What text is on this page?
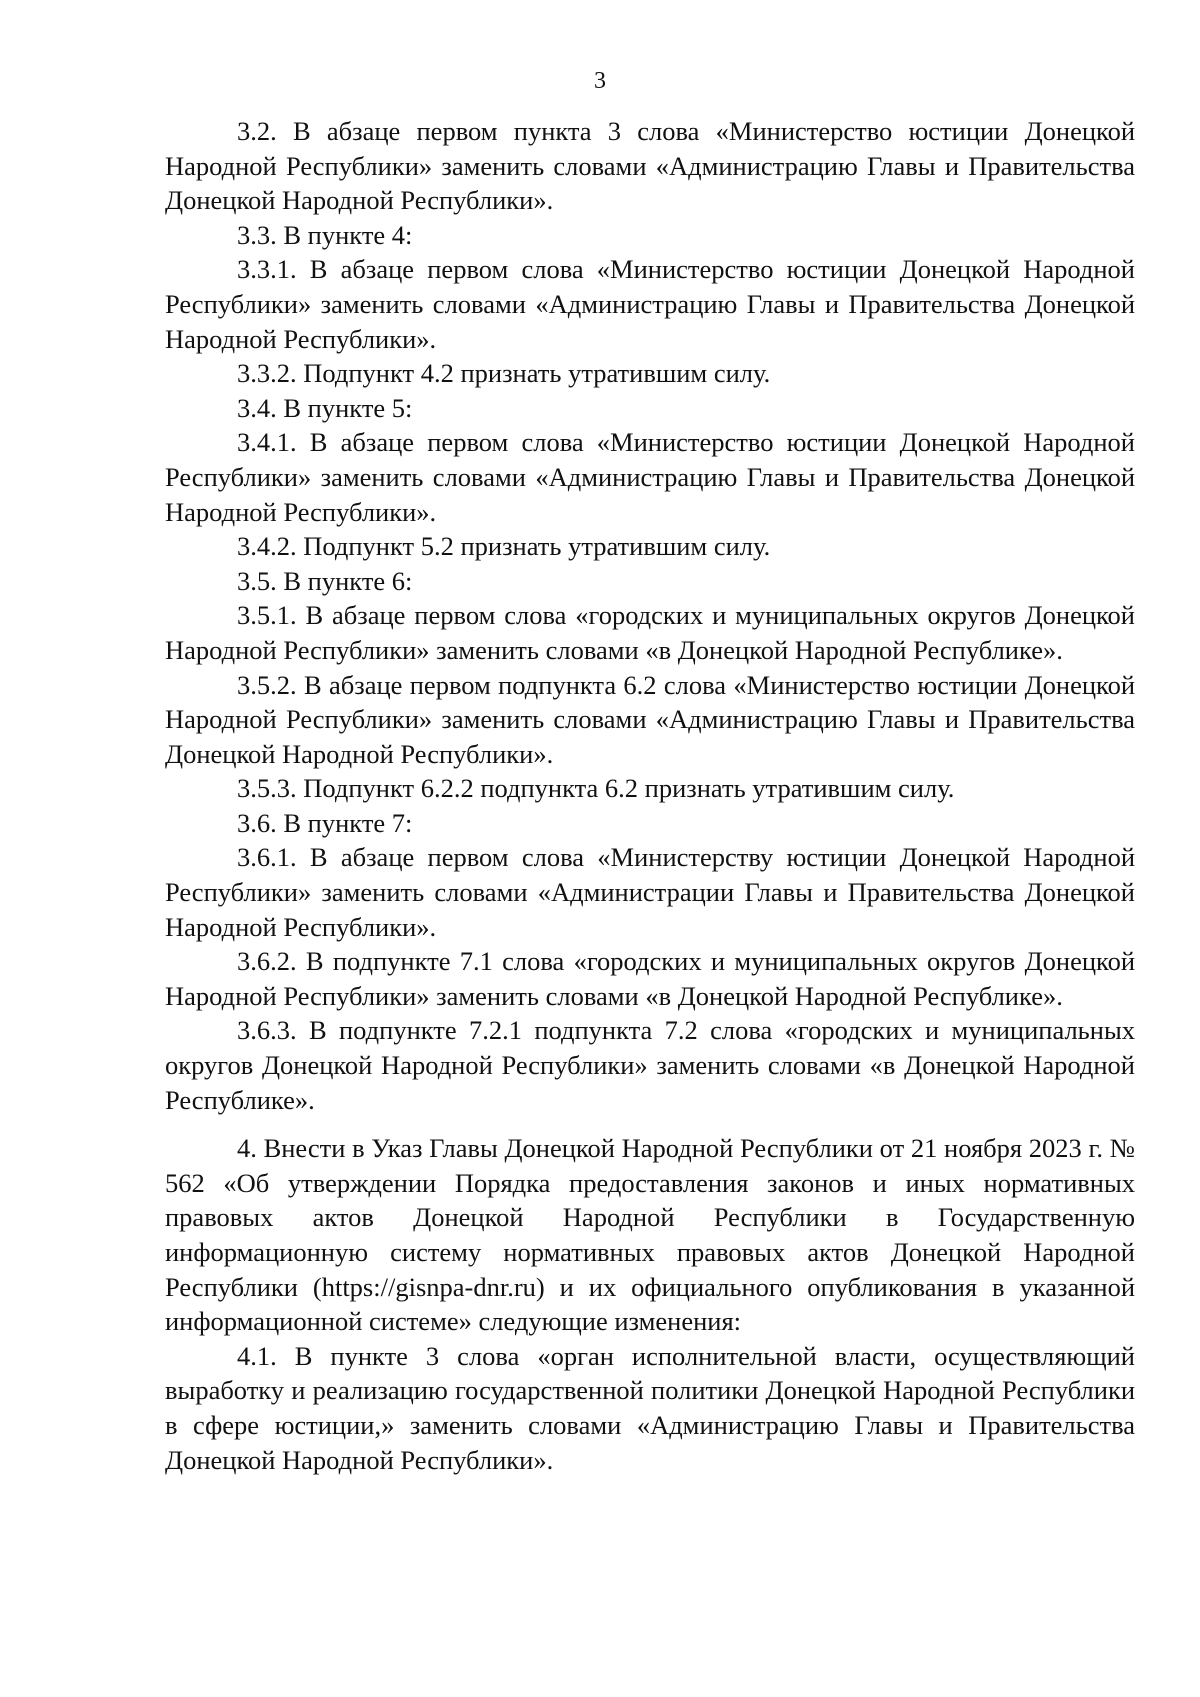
3

3.2. В абзаце первом пункта 3 слова «Министерство юстиции Донецкой Народной Республики» заменить словами «Администрацию Главы и Правительства Донецкой Народной Республики».

3.3. В пункте 4:

3.3.1. В абзаце первом слова «Министерство юстиции Донецкой Народной Республики» заменить словами «Администрацию Главы и Правительства Донецкой Народной Республики».

3.3.2. Подпункт 4.2 признать утратившим силу.

3.4. В пункте 5:

3.4.1. В абзаце первом слова «Министерство юстиции Донецкой Народной Республики» заменить словами «Администрацию Главы и Правительства Донецкой Народной Республики».

3.4.2. Подпункт 5.2 признать утратившим силу.

3.5. В пункте 6:

3.5.1. В абзаце первом слова «городских и муниципальных округов Донецкой Народной Республики» заменить словами «в Донецкой Народной Республике».

3.5.2. В абзаце первом подпункта 6.2 слова «Министерство юстиции Донецкой Народной Республики» заменить словами «Администрацию Главы и Правительства Донецкой Народной Республики».

3.5.3. Подпункт 6.2.2 подпункта 6.2 признать утратившим силу.

3.6. В пункте 7:

3.6.1. В абзаце первом слова «Министерству юстиции Донецкой Народной Республики» заменить словами «Администрации Главы и Правительства Донецкой Народной Республики».

3.6.2. В подпункте 7.1 слова «городских и муниципальных округов Донецкой Народной Республики» заменить словами «в Донецкой Народной Республике».

3.6.3. В подпункте 7.2.1 подпункта 7.2 слова «городских и муниципальных округов Донецкой Народной Республики» заменить словами «в Донецкой Народной Республике».

4. Внести в Указ Главы Донецкой Народной Республики от 21 ноября 2023 г. № 562 «Об утверждении Порядка предоставления законов и иных нормативных правовых актов Донецкой Народной Республики в Государственную информационную систему нормативных правовых актов Донецкой Народной Республики (https://gisnpa-dnr.ru) и их официального опубликования в указанной информационной системе» следующие изменения:

4.1. В пункте 3 слова «орган исполнительной власти, осуществляющий выработку и реализацию государственной политики Донецкой Народной Республики в сфере юстиции,» заменить словами «Администрацию Главы и Правительства Донецкой Народной Республики».
